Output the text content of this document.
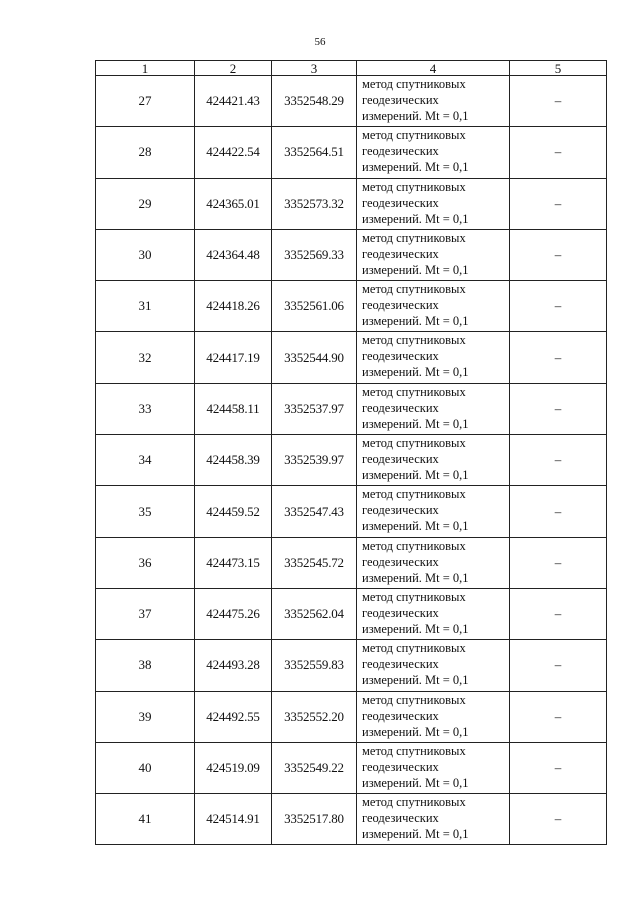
56
1	2	3	4	5
27	424421.43	3352548.29	метод спутниковых
геодезических
измерений. Mt = 0,1	–
28	424422.54	3352564.51	метод спутниковых
геодезических
измерений. Mt = 0,1	–
29	424365.01	3352573.32	метод спутниковых
геодезических
измерений. Mt = 0,1	–
30	424364.48	3352569.33	метод спутниковых
геодезических
измерений. Mt = 0,1	–
31	424418.26	3352561.06	метод спутниковых
геодезических
измерений. Mt = 0,1	–
32	424417.19	3352544.90	метод спутниковых
геодезических
измерений. Mt = 0,1	–
33	424458.11	3352537.97	метод спутниковых
геодезических
измерений. Mt = 0,1	–
34	424458.39	3352539.97	метод спутниковых
геодезических
измерений. Mt = 0,1	–
35	424459.52	3352547.43	метод спутниковых
геодезических
измерений. Mt = 0,1	–
36	424473.15	3352545.72	метод спутниковых
геодезических
измерений. Mt = 0,1	–
37	424475.26	3352562.04	метод спутниковых
геодезических
измерений. Mt = 0,1	–
38	424493.28	3352559.83	метод спутниковых
геодезических
измерений. Mt = 0,1	–
39	424492.55	3352552.20	метод спутниковых
геодезических
измерений. Mt = 0,1	–
40	424519.09	3352549.22	метод спутниковых
геодезических
измерений. Mt = 0,1	–
41	424514.91	3352517.80	метод спутниковых
геодезических
измерений. Mt = 0,1	–
